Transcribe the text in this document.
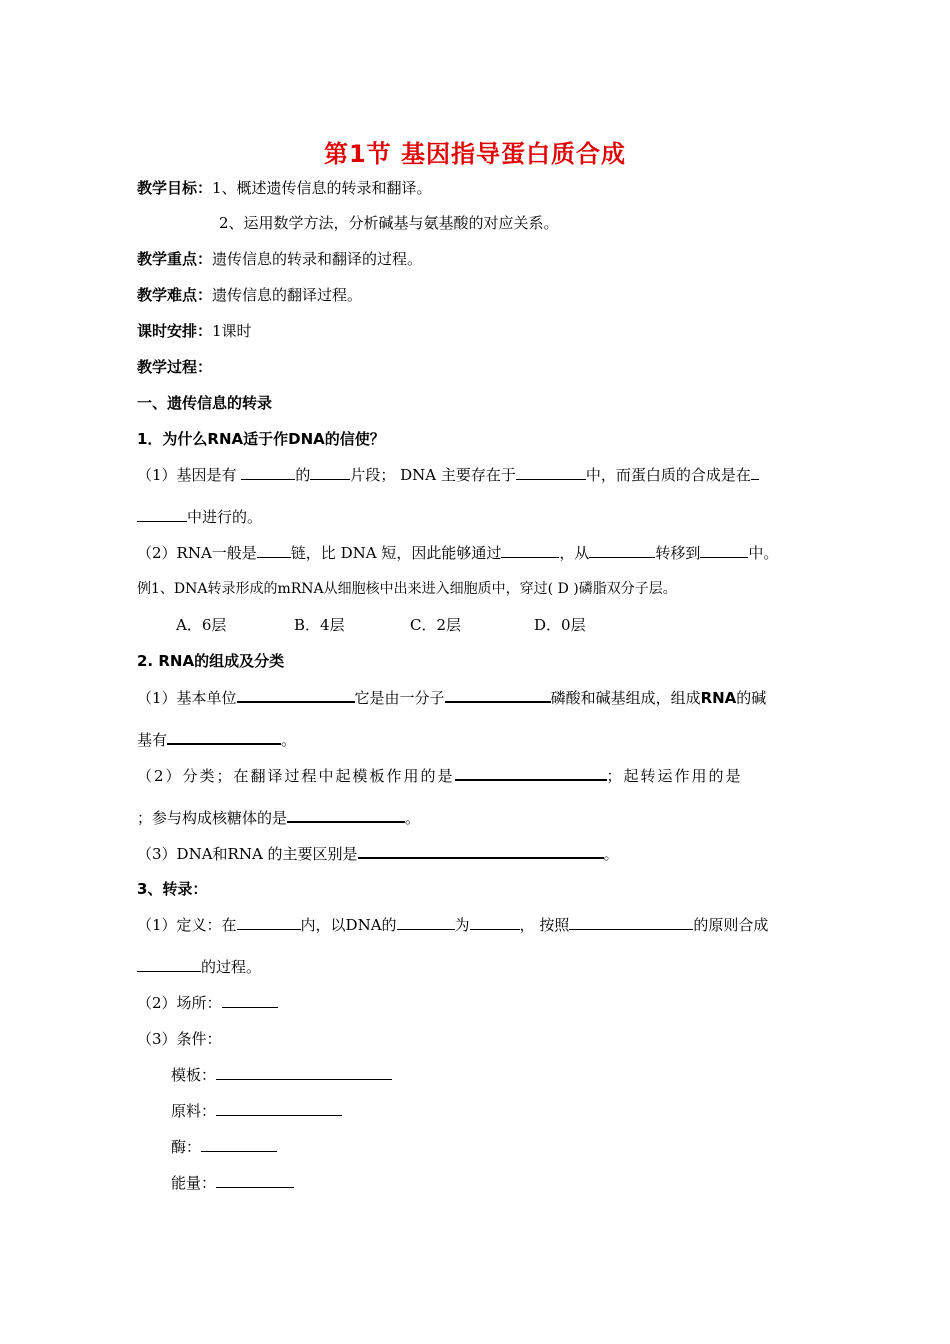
第1节 基因指导蛋白质合成
教学目标：1、概述遗传信息的转录和翻译。
2、运用数学方法，分析碱基与氨基酸的对应关系。
教学重点：遗传信息的转录和翻译的过程。
教学难点：遗传信息的翻译过程。
课时安排：1课时
教学过程：
一、遗传信息的转录
1．为什么RNA适于作DNA的信使？
（1）基因是有	的	片段； DNA 主要存在于	中，而蛋白质的合成是在
中进行的。
（2）RNA一般是 链，比 DNA 短，因此能够通过	，从	转移到	中。
例1、DNA转录形成的mRNA从细胞核中出来进入细胞质中，穿过( D )磷脂双分子层。
A．6层	B．4层	C．2层	D．0层
2. RNA的组成及分类
（1）基本单位	它是由一分子	磷酸和碱基组成，组成RNA的碱
基有	。
（2）分类；在翻译过程中起模板作用的是	；起转运作用的是
；参与构成核糖体的是	。
（3）DNA和RNA 的主要区别是	。
3、转录：
（1）定义：在	内，以DNA的	为	， 按照	的原则合成
的过程。
（2）场所：
（3）条件：
模板：
原料：
酶：
能量：
